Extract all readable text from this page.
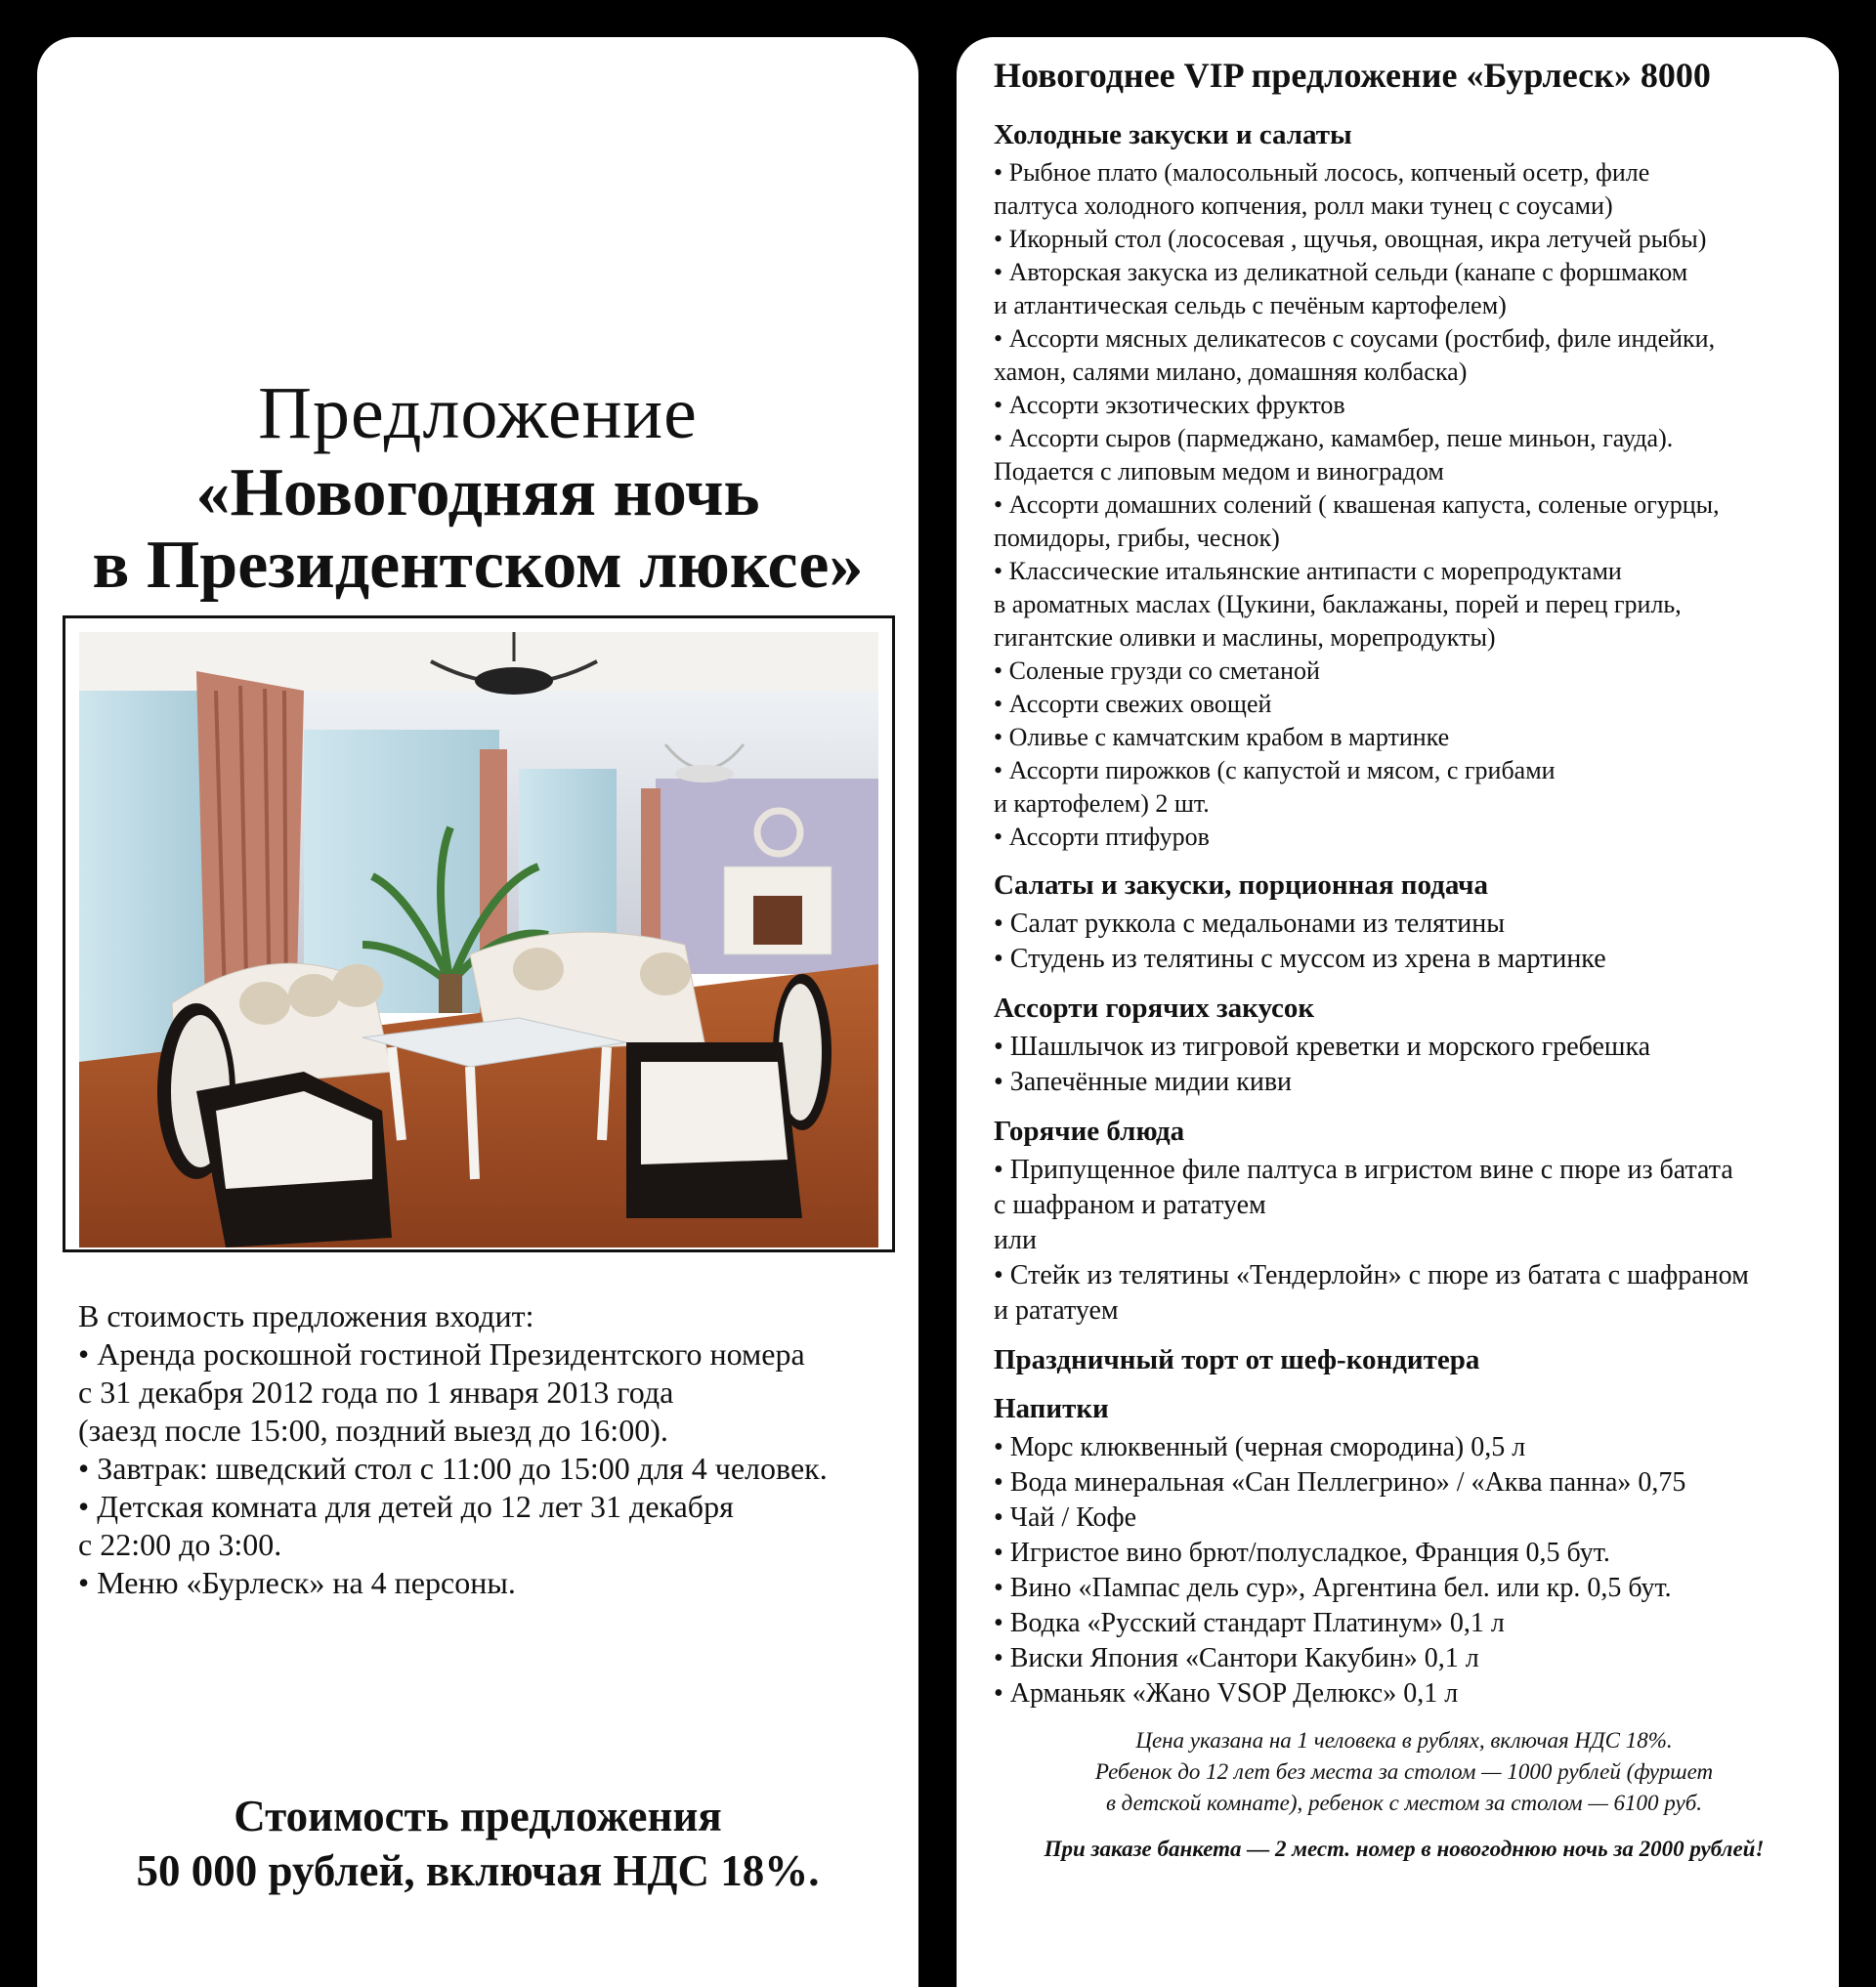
Предложение
«Новогодняя ночь
в Президентском люксе»

В стоимость предложения входит:

• Аренда роскошной гостиной Президентского номера

с 31 декабря 2012 года по 1 января 2013 года

(заезд после 15:00, поздний выезд до 16:00).

• Завтрак: шведский стол с 11:00 до 15:00 для 4 человек.

• Детская комната для детей до 12 лет 31 декабря

с 22:00 до 3:00.

• Меню «Бурлеск» на 4 персоны.

Стоимость предложения
50 000 рублей, включая НДС 18%.
Новогоднее VIP предложение «Бурлеск» 8000
Холодные закуски и салаты

• Рыбное плато (малосольный лосось, копченый осетр, филе

палтуса холодного копчения, ролл маки тунец с соусами)

• Икорный стол (лососевая , щучья, овощная, икра летучей рыбы)

• Авторская закуска из деликатной сельди (канапе с форшмаком

и атлантическая сельдь с печёным картофелем)

• Ассорти мясных деликатесов с соусами (ростбиф, филе индейки,

хамон, салями милано, домашняя колбаска)

• Ассорти экзотических фруктов

• Ассорти сыров (пармеджано, камамбер, пеше миньон, гауда).

Подается с липовым медом и виноградом

• Ассорти домашних солений ( квашеная капуста, соленые огурцы,

помидоры, грибы, чеснок)

• Классические итальянские антипасти с морепродуктами

в ароматных маслах (Цукини, баклажаны, порей и перец гриль,

гигантские оливки и маслины, морепродукты)

• Соленые грузди со сметаной

• Ассорти свежих овощей

• Оливье с камчатским крабом в мартинке

• Ассорти пирожков (с капустой и мясом, с грибами

и картофелем) 2 шт.

• Ассорти птифуров

Салаты и закуски, порционная подача

• Салат руккола с медальонами из телятины

• Студень из телятины с муссом из хрена в мартинке

Ассорти горячих закусок

• Шашлычок из тигровой креветки и морского гребешка

• Запечённые мидии киви

Горячие блюда

• Припущенное филе палтуса в игристом вине с пюре из батата

с шафраном и рататуем

или

• Стейк из телятины «Тендерлойн» с пюре из батата с шафраном

и рататуем

Праздничный торт от шеф-кондитера
Напитки

• Морс клюквенный (черная смородина) 0,5 л

• Вода минеральная «Сан Пеллегрино» / «Аква панна» 0,75

• Чай / Кофе

• Игристое вино брют/полусладкое, Франция 0,5 бут.

• Вино «Пампас дель сур», Аргентина бел. или кр. 0,5 бут.

• Водка «Русский стандарт Платинум» 0,1 л

• Виски Япония «Сантори Какубин» 0,1 л

• Арманьяк «Жано VSOP Делюкс» 0,1 л

Цена указана на 1 человека в рублях, включая НДС 18%.
Ребенок до 12 лет без места за столом — 1000 рублей (фуршет
в детской комнате), ребенок с местом за столом — 6100 руб.
При заказе банкета — 2 мест. номер в новогоднюю ночь за 2000 рублей!
